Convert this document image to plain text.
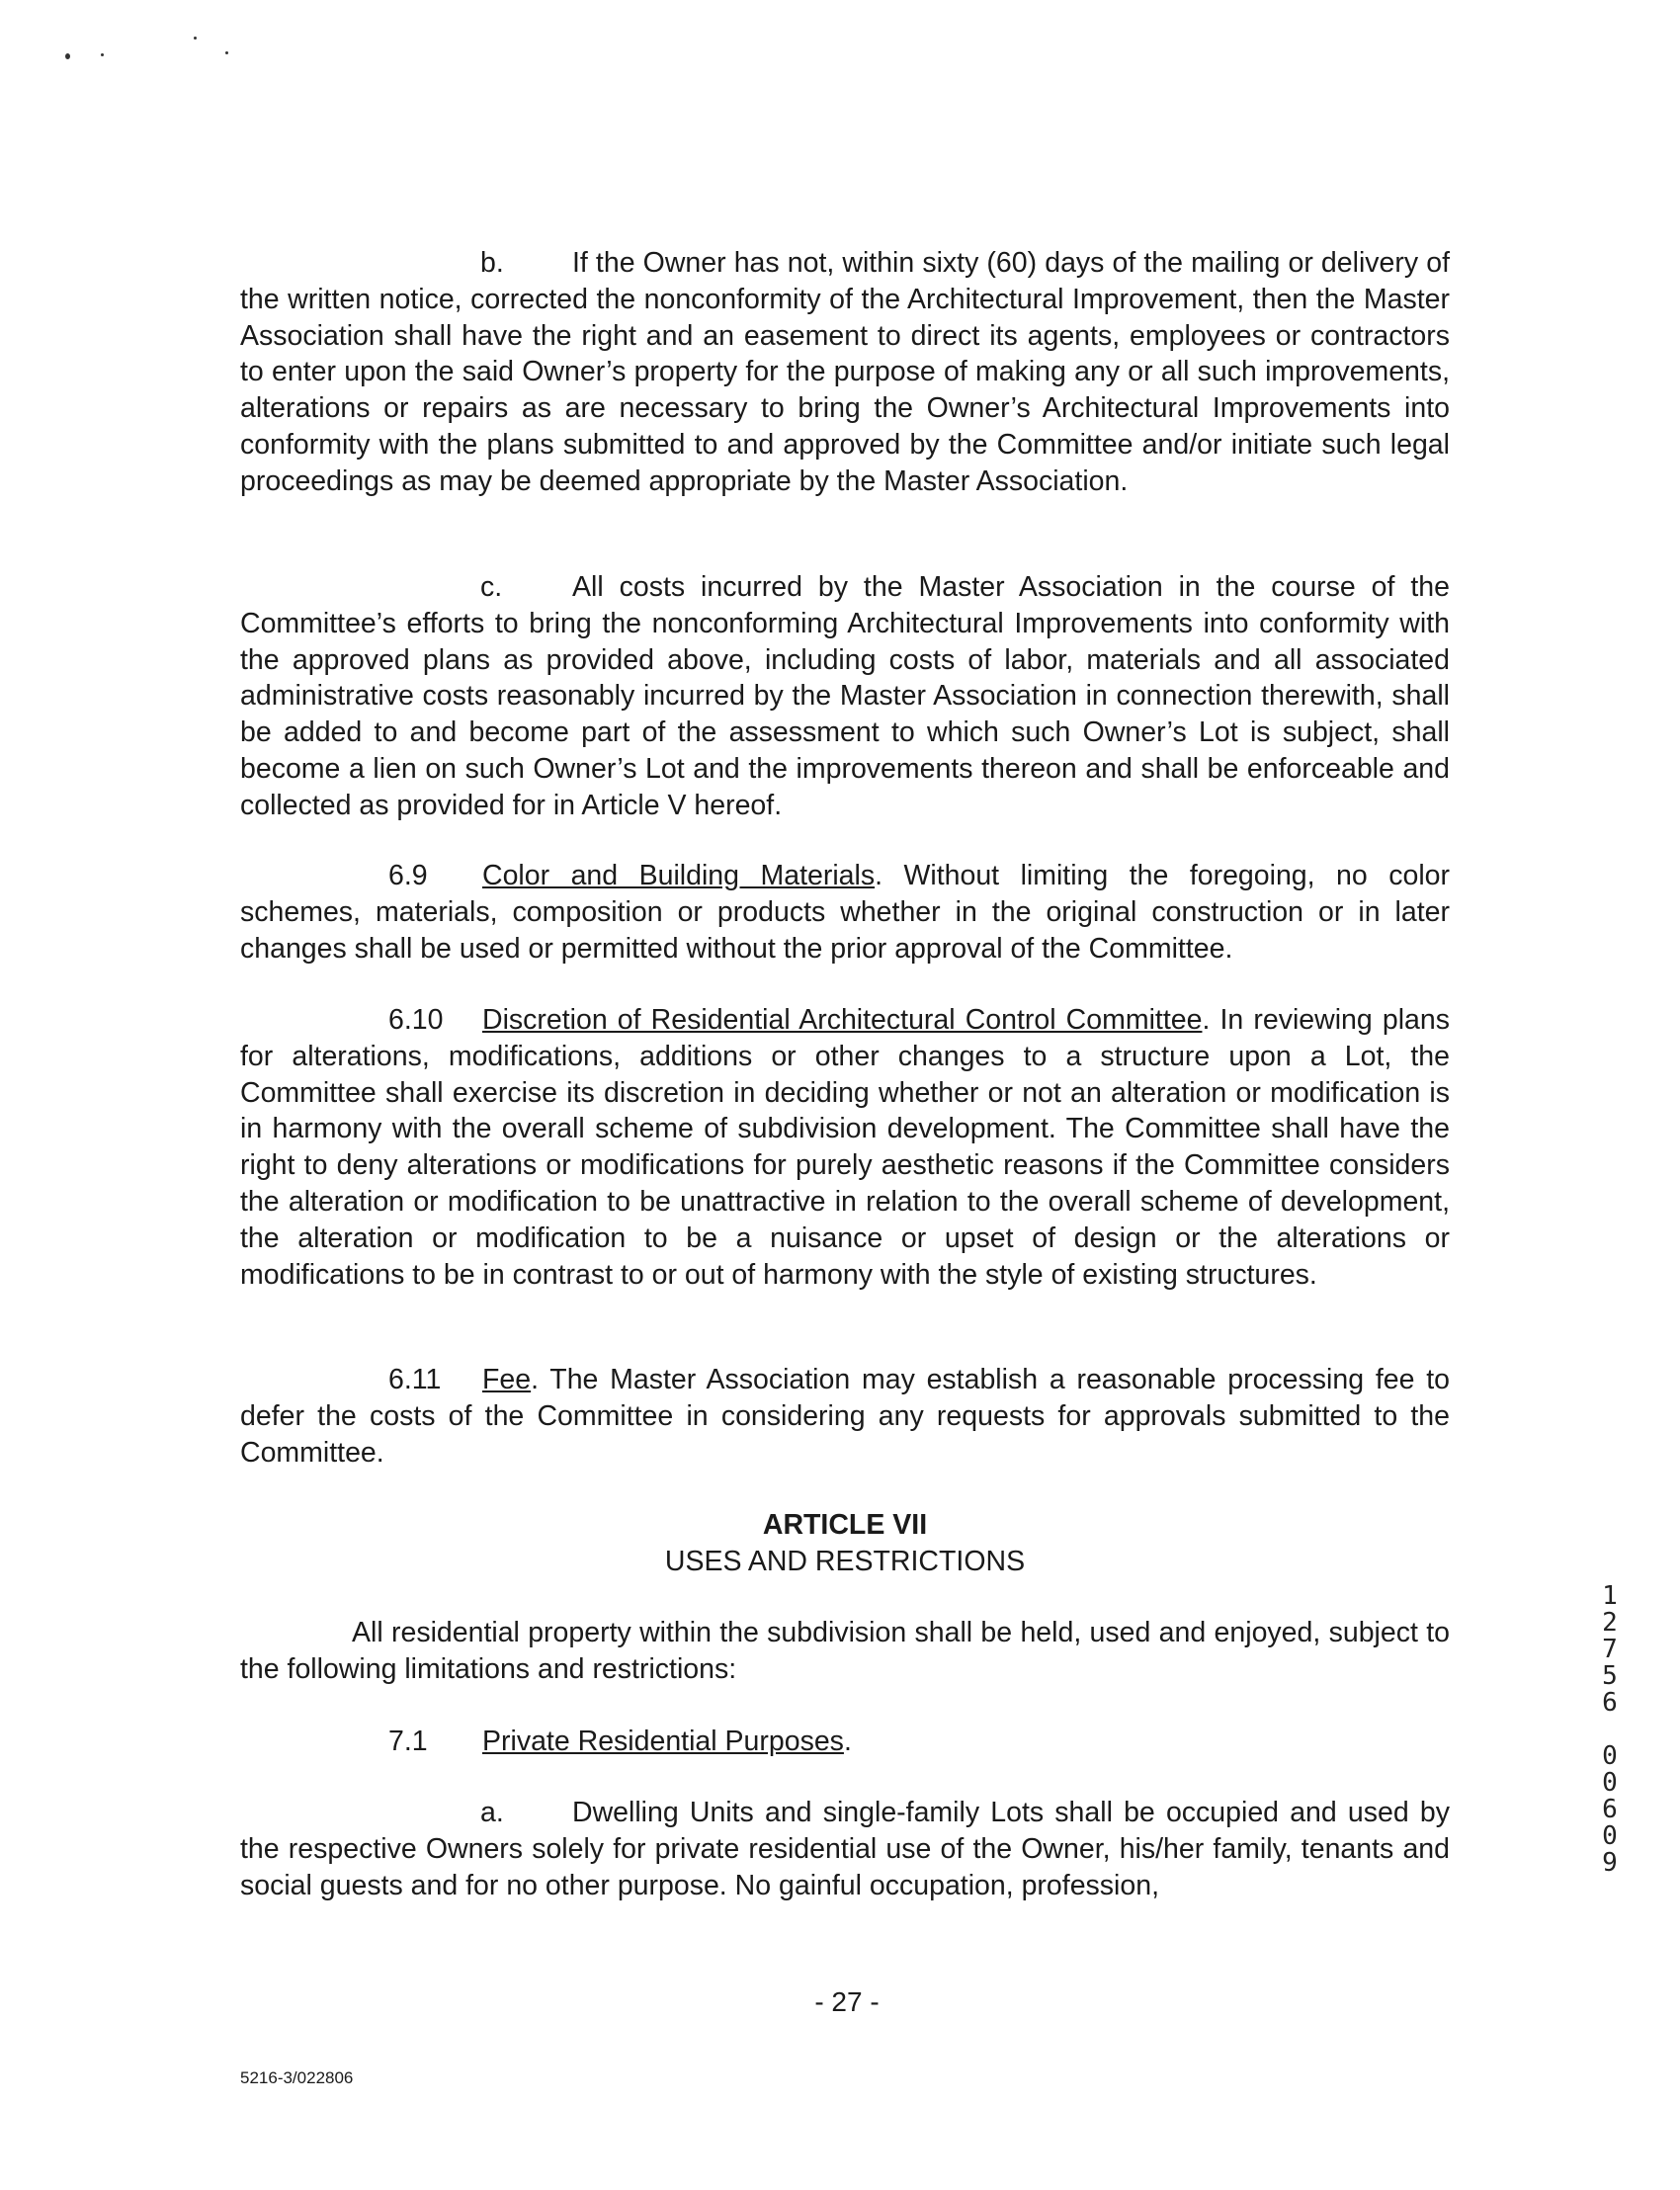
b. If the Owner has not, within sixty (60) days of the mailing or delivery of the written notice, corrected the nonconformity of the Architectural Improvement, then the Master Association shall have the right and an easement to direct its agents, employees or contractors to enter upon the said Owner’s property for the purpose of making any or all such improvements, alterations or repairs as are necessary to bring the Owner’s Architectural Improvements into conformity with the plans submitted to and approved by the Committee and/or initiate such legal proceedings as may be deemed appropriate by the Master Association.

c. All costs incurred by the Master Association in the course of the Committee’s efforts to bring the nonconforming Architectural Improvements into conformity with the approved plans as provided above, including costs of labor, materials and all associated administrative costs reasonably incurred by the Master Association in connection therewith, shall be added to and become part of the assessment to which such Owner’s Lot is subject, shall become a lien on such Owner’s Lot and the improvements thereon and shall be enforceable and collected as provided for in Article V hereof.

6.9 Color and Building Materials. Without limiting the foregoing, no color schemes, materials, composition or products whether in the original construction or in later changes shall be used or permitted without the prior approval of the Committee.

6.10 Discretion of Residential Architectural Control Committee. In reviewing plans for alterations, modifications, additions or other changes to a structure upon a Lot, the Committee shall exercise its discretion in deciding whether or not an alteration or modification is in harmony with the overall scheme of subdivision development. The Committee shall have the right to deny alterations or modifications for purely aesthetic reasons if the Committee considers the alteration or modification to be unattractive in relation to the overall scheme of development, the alteration or modification to be a nuisance or upset of design or the alterations or modifications to be in contrast to or out of harmony with the style of existing structures.

6.11 Fee. The Master Association may establish a reasonable processing fee to defer the costs of the Committee in considering any requests for approvals submitted to the Committee.

ARTICLE VII

USES AND RESTRICTIONS

All residential property within the subdivision shall be held, used and enjoyed, subject to the following limitations and restrictions:

7.1 Private Residential Purposes.

a. Dwelling Units and single-family Lots shall be occupied and used by the respective Owners solely for private residential use of the Owner, his/her family, tenants and social guests and for no other purpose. No gainful occupation, profession,

- 27 -
5216-3/022806
1
2
7
5
6
0
0
6
0
9
